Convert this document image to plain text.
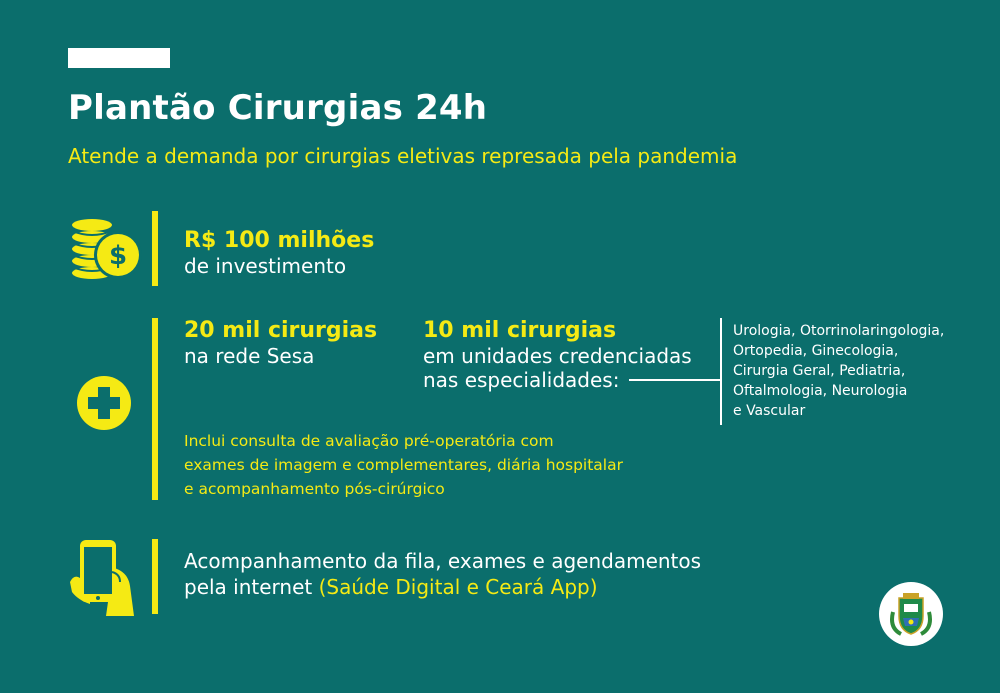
Plantão Cirurgias 24h
Atende a demanda por cirurgias eletivas represada pela pandemia
$
R$ 100 milhões
de investimento
20 mil cirurgias
na rede Sesa
10 mil cirurgias
em unidades credenciadas
nas especialidades:
Urologia, Otorrinolaringologia,
Ortopedia, Ginecologia,
Cirurgia Geral, Pediatria,
Oftalmologia, Neurologia
e Vascular
Inclui consulta de avaliação pré-operatória com
exames de imagem e complementares, diária hospitalar
e acompanhamento pós-cirúrgico
Acompanhamento da fila, exames e agendamentos
pela internet (Saúde Digital e Ceará App)
